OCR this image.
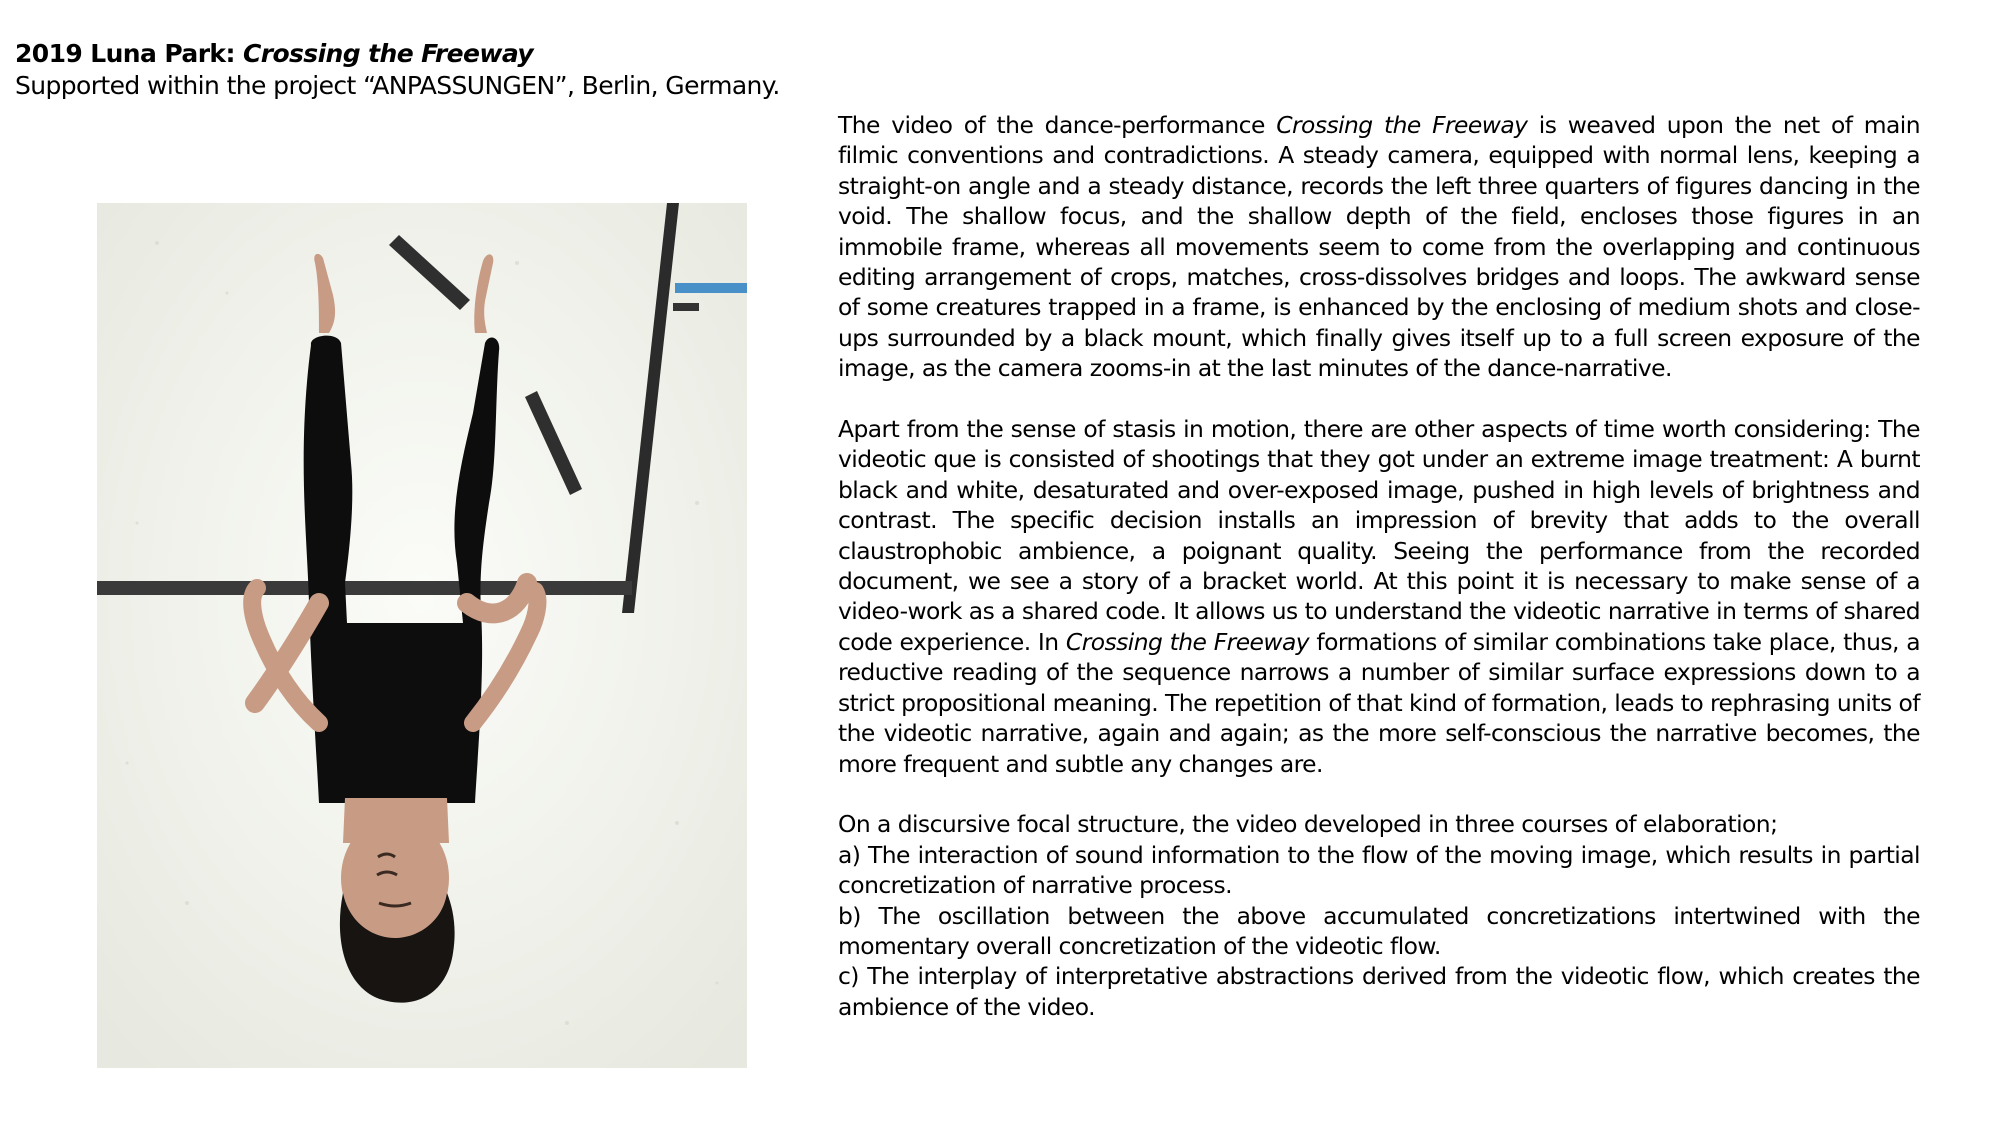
2019 Luna Park: Crossing the Freeway
Supported within the project “ANPASSUNGEN”, Berlin, Germany.

The video of the dance-performance Crossing the Freeway is weaved upon the net of main filmic conventions and contradictions. A steady camera, equipped with normal lens, keeping a straight-on angle and a steady distance, records the left three quarters of figures dancing in the void. The shallow focus, and the shallow depth of the field, encloses those figures in an immobile frame, whereas all movements seem to come from the overlapping and continuous editing arrangement of crops, matches, cross-dissolves bridges and loops. The awkward sense of some creatures trapped in a frame, is enhanced by the enclosing of medium shots and close-ups surrounded by a black mount, which finally gives itself up to a full screen exposure of the image, as the camera zooms-in at the last minutes of the dance-narrative.

Apart from the sense of stasis in motion, there are other aspects of time worth considering: The videotic que is consisted of shootings that they got under an extreme image treatment: A burnt black and white, desaturated and over-exposed image, pushed in high levels of brightness and contrast. The specific decision installs an impression of brevity that adds to the overall claustrophobic ambience, a poignant quality. Seeing the performance from the recorded document, we see a story of a bracket world. At this point it is necessary to make sense of a video-work as a shared code. It allows us to understand the videotic narrative in terms of shared code experience. In Crossing the Freeway formations of similar combinations take place, thus, a reductive reading of the sequence narrows a number of similar surface expressions down to a strict propositional meaning. The repetition of that kind of formation, leads to rephrasing units of the videotic narrative, again and again; as the more self-conscious the narrative becomes, the more frequent and subtle any changes are.

On a discursive focal structure, the video developed in three courses of elaboration;

a) The interaction of sound information to the flow of the moving image, which results in partial concretization of narrative process.

b) The oscillation between the above accumulated concretizations intertwined with the momentary overall concretization of the videotic flow.

c) The interplay of interpretative abstractions derived from the videotic flow, which creates the ambience of the video.
